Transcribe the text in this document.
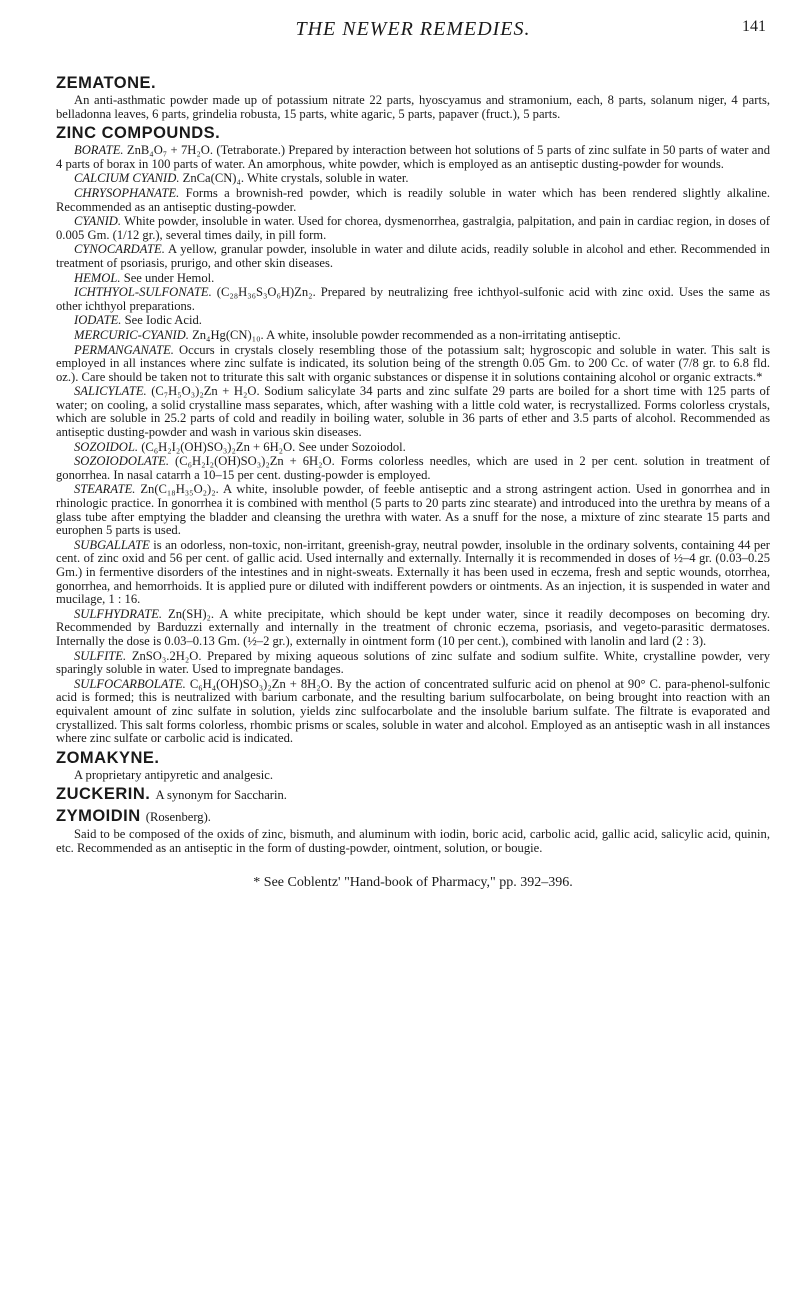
THE NEWER REMEDIES.	141
ZEMATONE.

An anti-asthmatic powder made up of potassium nitrate 22 parts, hyoscyamus and stramonium, each, 8 parts, solanum niger, 4 parts, belladonna leaves, 6 parts, grindelia robusta, 15 parts, white agaric, 5 parts, papaver (fruct.), 5 parts.

ZINC COMPOUNDS.

BORATE. ZnB₄O₇ + 7H₂O. (Tetraborate.) Prepared by interaction between hot solutions of 5 parts of zinc sulfate in 50 parts of water and 4 parts of borax in 100 parts of water. An amorphous, white powder, which is employed as an antiseptic dusting-powder for wounds.

CALCIUM CYANID. ZnCa(CN)₄. White crystals, soluble in water.

CHRYSOPHANATE. Forms a brownish-red powder, which is readily soluble in water which has been rendered slightly alkaline. Recommended as an antiseptic dusting-powder.

CYANID. White powder, insoluble in water. Used for chorea, dysmenorrhea, gastralgia, palpitation, and pain in cardiac region, in doses of 0.005 Gm. (1/12 gr.), several times daily, in pill form.

CYNOCARDATE. A yellow, granular powder, insoluble in water and dilute acids, readily soluble in alcohol and ether. Recommended in treatment of psoriasis, prurigo, and other skin diseases.

HEMOL. See under Hemol.

ICHTHYOL-SULFONATE. (C₂₈H₃₆S₃O₆H)Zn₂. Prepared by neutralizing free ichthyol-sulfonic acid with zinc oxid. Uses the same as other ichthyol preparations.

IODATE. See Iodic Acid.

MERCURIC-CYANID. Zn₄Hg(CN)₁₀. A white, insoluble powder recommended as a non-irritating antiseptic.

PERMANGANATE. Occurs in crystals closely resembling those of the potassium salt; hygroscopic and soluble in water. This salt is employed in all instances where zinc sulfate is indicated, its solution being of the strength 0.05 Gm. to 200 Cc. of water (7/8 gr. to 6.8 fld. oz.). Care should be taken not to triturate this salt with organic substances or dispense it in solutions containing alcohol or organic extracts.*

SALICYLATE. (C₇H₅O₃)₂Zn + H₂O. Sodium salicylate 34 parts and zinc sulfate 29 parts are boiled for a short time with 125 parts of water; on cooling, a solid crystalline mass separates, which, after washing with a little cold water, is recrystallized. Forms colorless crystals, which are soluble in 25.2 parts of cold and readily in boiling water, soluble in 36 parts of ether and 3.5 parts of alcohol. Recommended as antiseptic dusting-powder and wash in various skin diseases.

SOZOIDOL. (C₆H₂I₂(OH)SO₃)₂Zn + 6H₂O. See under Sozoiodol.

SOZOIODOLATE. (C₆H₂I₂(OH)SO₃)₂Zn + 6H₂O. Forms colorless needles, which are used in 2 per cent. solution in treatment of gonorrhea. In nasal catarrh a 10–15 per cent. dusting-powder is employed.

STEARATE. Zn(C₁₈H₃₅O₂)₂. A white, insoluble powder, of feeble antiseptic and a strong astringent action. Used in gonorrhea and in rhinologic practice. In gonorrhea it is combined with menthol (5 parts to 20 parts zinc stearate) and introduced into the urethra by means of a glass tube after emptying the bladder and cleansing the urethra with water. As a snuff for the nose, a mixture of zinc stearate 15 parts and europhen 5 parts is used.

SUBGALLATE is an odorless, non-toxic, non-irritant, greenish-gray, neutral powder, insoluble in the ordinary solvents, containing 44 per cent. of zinc oxid and 56 per cent. of gallic acid. Used internally and externally. Internally it is recommended in doses of ½–4 gr. (0.03–0.25 Gm.) in fermentive disorders of the intestines and in night-sweats. Externally it has been used in eczema, fresh and septic wounds, otorrhea, gonorrhea, and hemorrhoids. It is applied pure or diluted with indifferent powders or ointments. As an injection, it is suspended in water and mucilage, 1 : 16.

SULFHYDRATE. Zn(SH)₂. A white precipitate, which should be kept under water, since it readily decomposes on becoming dry. Recommended by Barduzzi externally and internally in the treatment of chronic eczema, psoriasis, and vegeto-parasitic dermatoses. Internally the dose is 0.03–0.13 Gm. (½–2 gr.), externally in ointment form (10 per cent.), combined with lanolin and lard (2 : 3).

SULFITE. ZnSO₃.2H₂O. Prepared by mixing aqueous solutions of zinc sulfate and sodium sulfite. White, crystalline powder, very sparingly soluble in water. Used to impregnate bandages.

SULFOCARBOLATE. C₆H₄(OH)SO₃)₂Zn + 8H₂O. By the action of concentrated sulfuric acid on phenol at 90° C. para-phenol-sulfonic acid is formed; this is neutralized with barium carbonate, and the resulting barium sulfocarbolate, on being brought into reaction with an equivalent amount of zinc sulfate in solution, yields zinc sulfocarbolate and the insoluble barium sulfate. The filtrate is evaporated and crystallized. This salt forms colorless, rhombic prisms or scales, soluble in water and alcohol. Employed as an antiseptic wash in all instances where zinc sulfate or carbolic acid is indicated.

ZOMAKYNE.

A proprietary antipyretic and analgesic.

ZUCKERIN. A synonym for Saccharin.
ZYMOIDIN (Rosenberg).

Said to be composed of the oxids of zinc, bismuth, and aluminum with iodin, boric acid, carbolic acid, gallic acid, salicylic acid, quinin, etc. Recommended as an antiseptic in the form of dusting-powder, ointment, solution, or bougie.

* See Coblentz' "Hand-book of Pharmacy," pp. 392–396.
